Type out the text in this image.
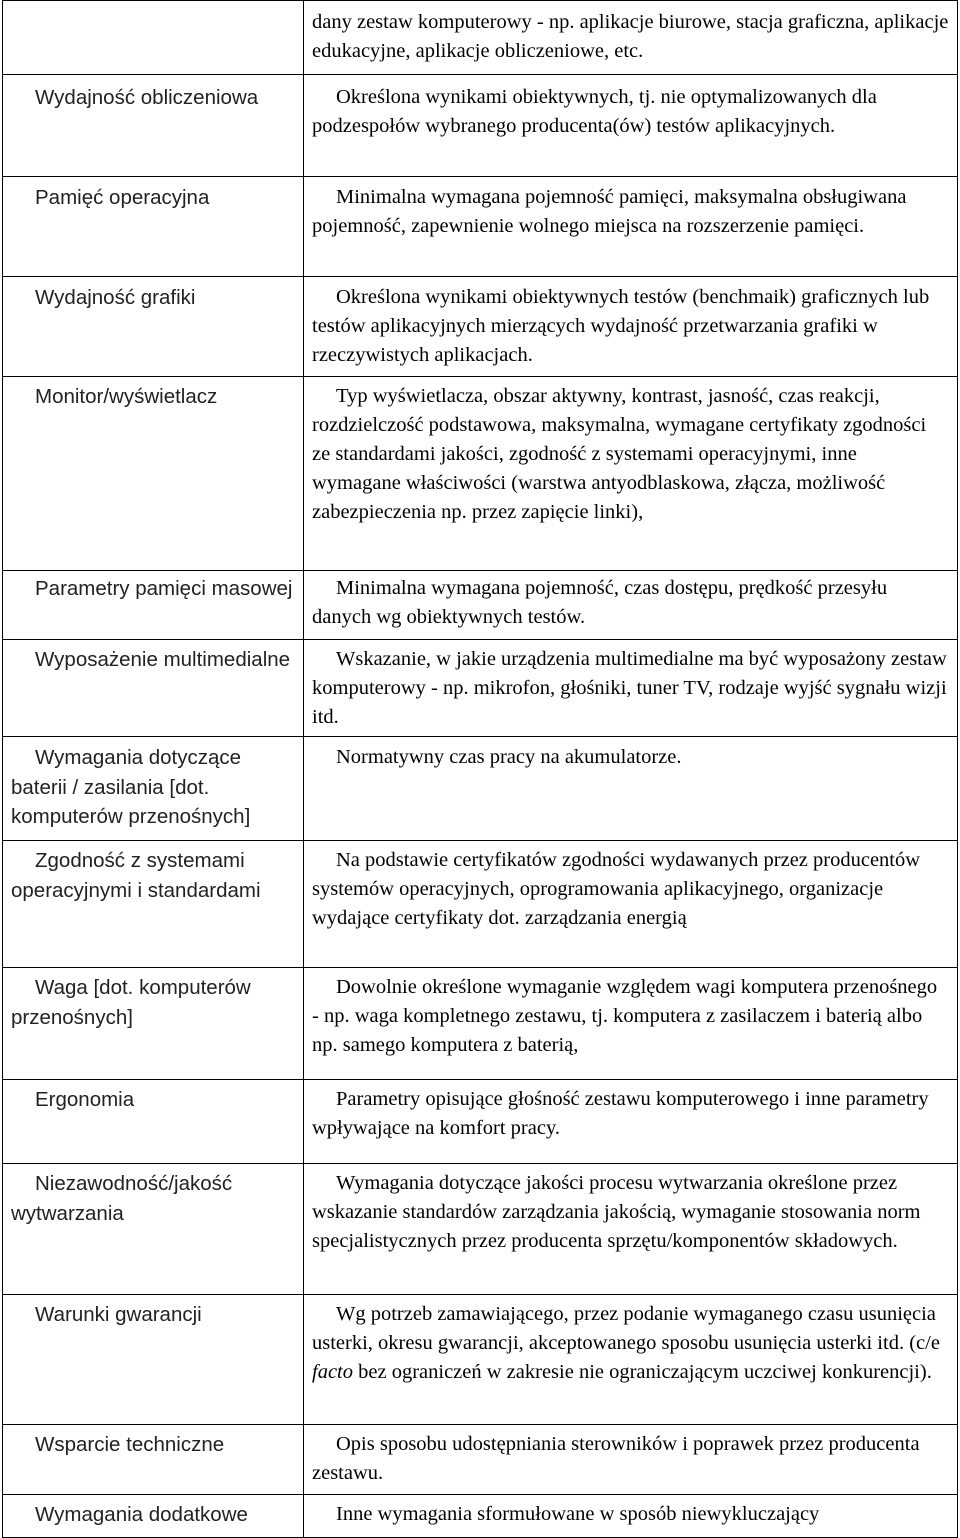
	dany zestaw komputerowy - np. aplikacje biurowe, stacja graficzna, aplikacje edukacyjne, aplikacje obliczeniowe, etc.
Wydajność obliczeniowa	Określona wynikami obiektywnych, tj. nie optymalizowanych dla podzespołów wybranego producenta(ów) testów aplikacyjnych.
Pamięć operacyjna	Minimalna wymagana pojemność pamięci, maksymalna obsługiwana pojemność, zapewnienie wolnego miejsca na rozszerzenie pamięci.
Wydajność grafiki	Określona wynikami obiektywnych testów (benchmaik) graficznych lub testów aplikacyjnych mierzących wydajność przetwarzania grafiki w rzeczywistych aplikacjach.
Monitor/wyświetlacz	Typ wyświetlacza, obszar aktywny, kontrast, jasność, czas reakcji, rozdzielczość podstawowa, maksymalna, wymagane certyfikaty zgodności ze standardami jakości, zgodność z systemami operacyjnymi, inne wymagane właściwości (warstwa antyodblaskowa, złącza, możliwość zabezpieczenia np. przez zapięcie linki),
Parametry pamięci masowej	Minimalna wymagana pojemność, czas dostępu, prędkość przesyłu danych wg obiektywnych testów.
Wyposażenie multimedialne	Wskazanie, w jakie urządzenia multimedialne ma być wyposażony zestaw komputerowy - np. mikrofon, głośniki, tuner TV, rodzaje wyjść sygnału wizji itd.
Wymagania dotyczące baterii / zasilania [dot. komputerów przenośnych]	Normatywny czas pracy na akumulatorze.
Zgodność z systemami operacyjnymi i standardami	Na podstawie certyfikatów zgodności wydawanych przez producentów systemów operacyjnych, oprogramowania aplikacyjnego, organizacje wydające certyfikaty dot. zarządzania energią
Waga [dot. komputerów przenośnych]	Dowolnie określone wymaganie względem wagi komputera przenośnego - np. waga kompletnego zestawu, tj. komputera z zasilaczem i baterią albo np. samego komputera z baterią,
Ergonomia	Parametry opisujące głośność zestawu komputerowego i inne parametry wpływające na komfort pracy.
Niezawodność/jakość wytwarzania	Wymagania dotyczące jakości procesu wytwarzania określone przez wskazanie standardów zarządzania jakością, wymaganie stosowania norm specjalistycznych przez producenta sprzętu/komponentów składowych.
Warunki gwarancji	Wg potrzeb zamawiającego, przez podanie wymaganego czasu usunięcia usterki, okresu gwarancji, akceptowanego sposobu usunięcia usterki itd. (c/e facto bez ograniczeń w zakresie nie ograniczającym uczciwej konkurencji).
Wsparcie techniczne	Opis sposobu udostępniania sterowników i poprawek przez producenta zestawu.
Wymagania dodatkowe	Inne wymagania sformułowane w sposób niewykluczający
